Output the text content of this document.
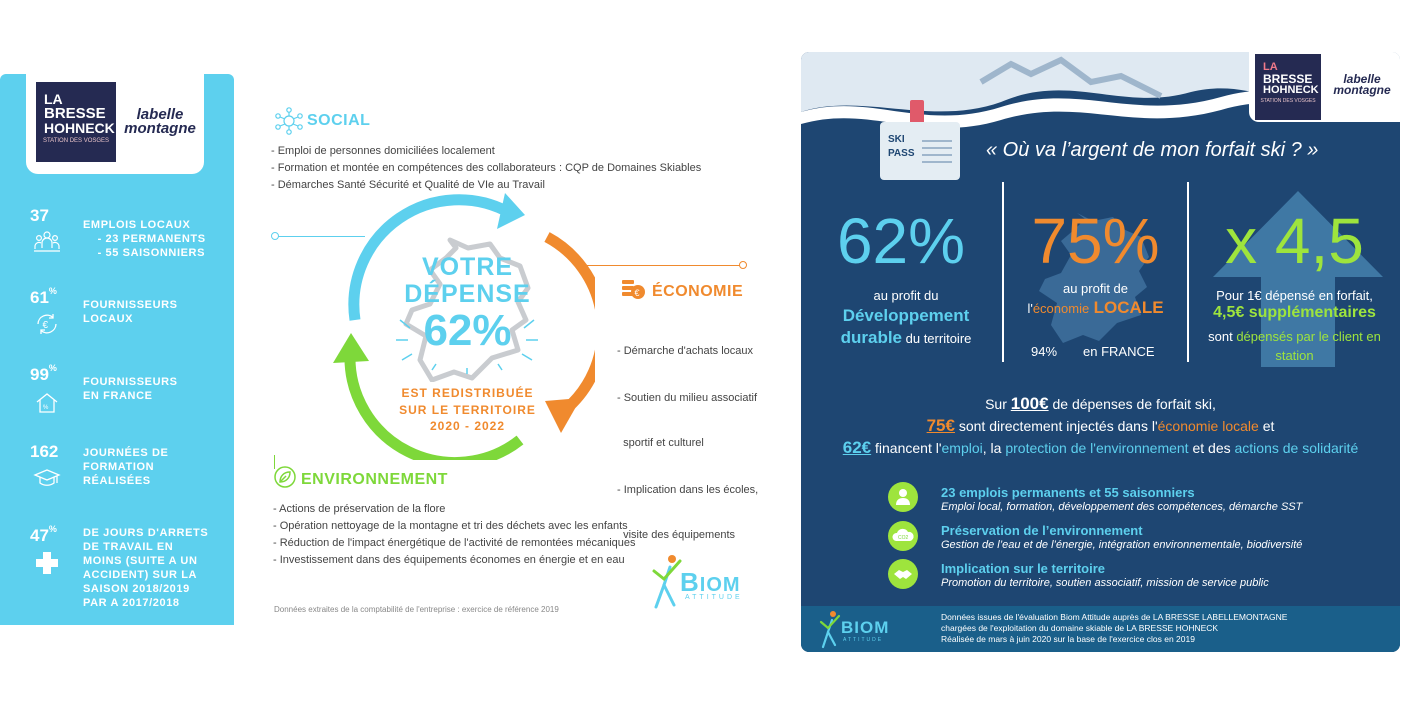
LA
BRESSE
HOHNECK
STATION DES VOSGES
labelle
montagne
37	EMPLOIS LOCAUX
- 23 PERMANENTS
- 55 SAISONNIERS
61%
FOURNISSEURS
LOCAUX
€
99%
FOURNISSEURS
EN FRANCE
%
162 JOURNÉES DE
FORMATION
RÉALISÉES
47% DE JOURS D'ARRETS
DE TRAVAIL EN
MOINS (SUITE A UN
ACCIDENT) SUR LA
SAISON 2018/2019
PAR A 2017/2018
SOCIAL
- Emploi de personnes domiciliées localement
- Formation et montée en compétences des collaborateurs : CQP de Domaines Skiables
- Démarches Santé Sécurité et Qualité de VIe au Travail
VOTRE
DÉPENSE
62%
EST REDISTRIBUÉE
SUR LE TERRITOIRE
2020 - 2022
€ ÉCONOMIE

- Démarche d'achats locaux

- Soutien du milieu associatif

sportif et culturel

- Implication dans les écoles,

visite des équipements

ENVIRONNEMENT
- Actions de préservation de la flore
- Opération nettoyage de la montagne et tri des déchets avec les enfants
- Réduction de l'impact énergétique de l'activité de remontées mécaniques
- Investissement dans des équipements économes en énergie et en eau
BIOM
ATTITUDE
Données extraites de la comptabilité de l'entreprise : exercice de référence 2019
LA
BRESSE
HOHNECK
STATION DES VOSGES
labelle
montagne
SKI
PASS	« Où va l’argent de mon forfait ski ? »
62%
au profit du
Développement
durable du territoire
75%
au profit de
l'économie LOCALE
94% en FRANCE
x 4,5
Pour 1€ dépensé en forfait,
4,5€ supplémentaires
sont dépensés par le client en
station
Sur 100€ de dépenses de forfait ski,
75€ sont directement injectés dans l'économie locale et
62€ financent l'emploi, la protection de l'environnement et des actions de solidarité
23 emplois permanents et 55 saisonniers
Emploi local, formation, développement des compétences, démarche SST
CO2	Préservation de l’environnement
Gestion de l’eau et de l’énergie, intégration environnementale, biodiversité
Implication sur le territoire
Promotion du territoire, soutien associatif, mission de service public
BIOM
ATTITUDE
Données issues de l'évaluation Biom Attitude auprès de LA BRESSE LABELLEMONTAGNE
chargées de l'exploitation du domaine skiable de LA BRESSE HOHNECK
Réalisée de mars à juin 2020 sur la base de l'exercice clos en 2019
